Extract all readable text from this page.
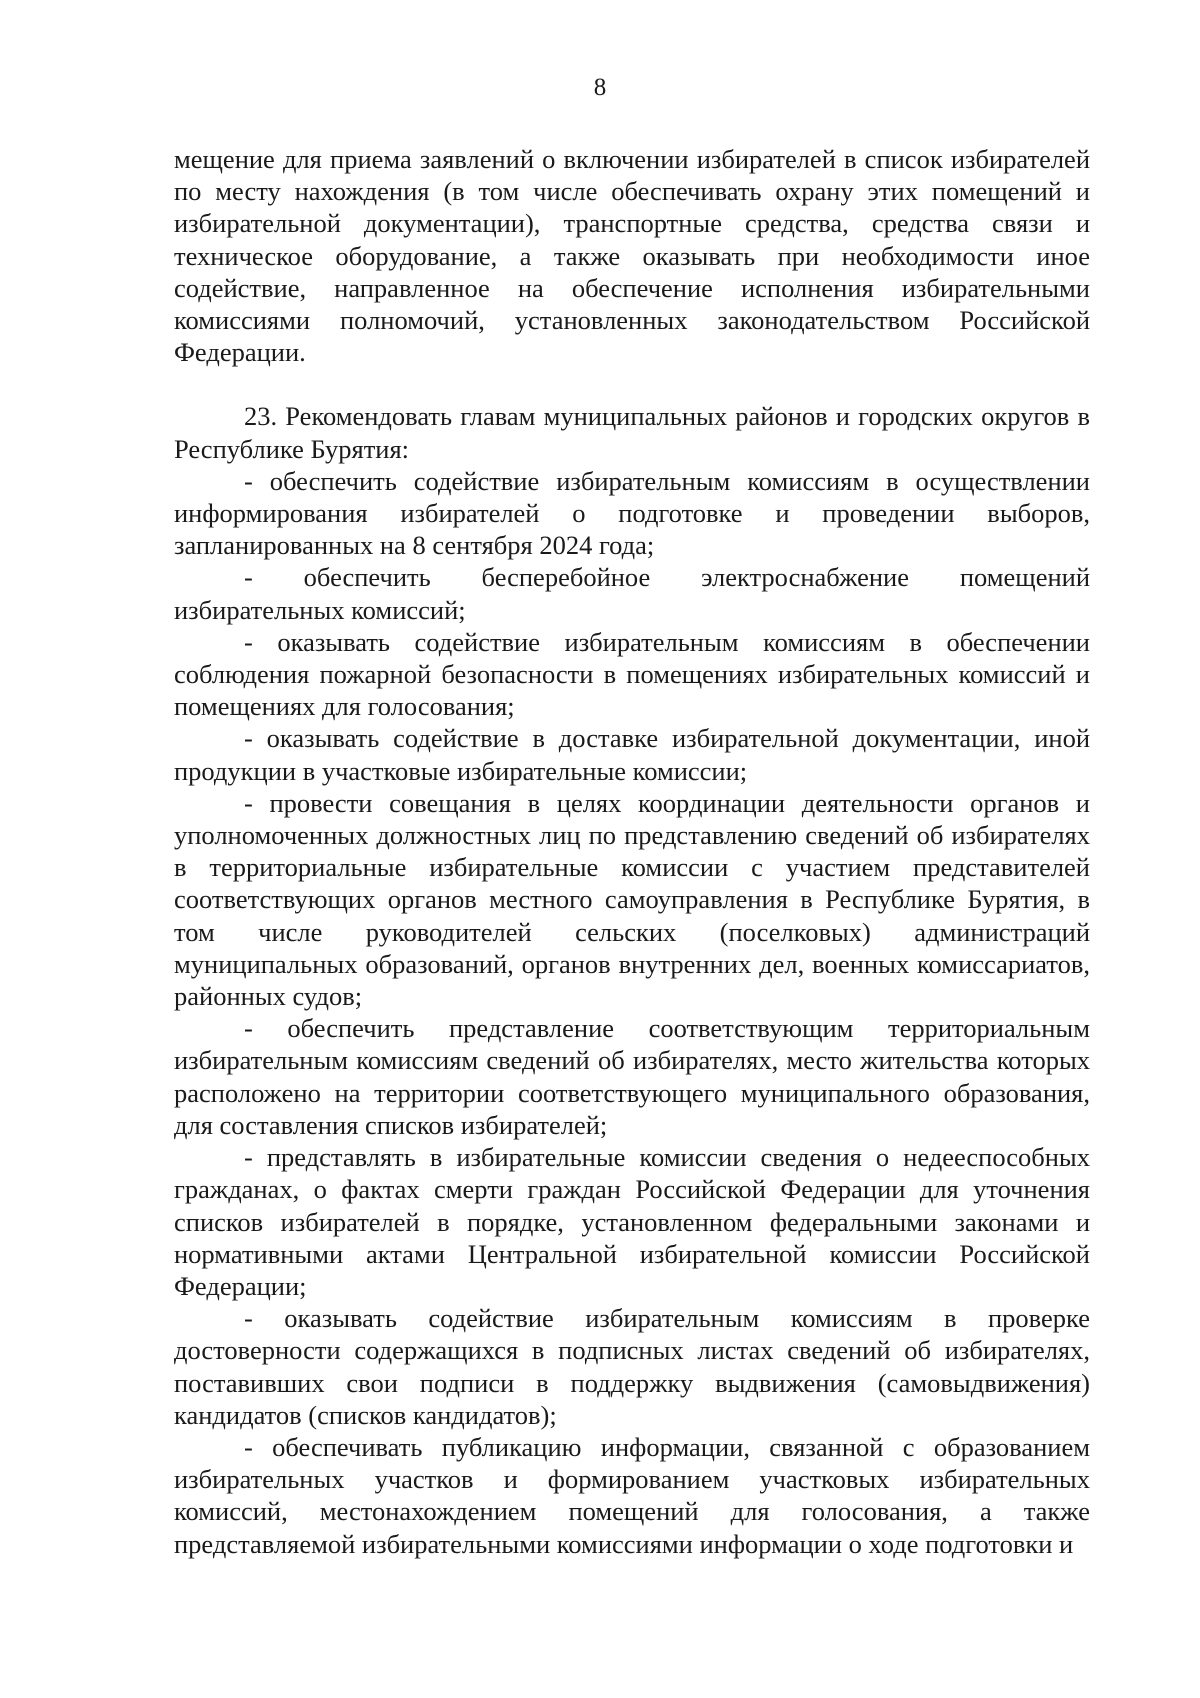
8

мещение для приема заявлений о включении избирателей в список избирателей по месту нахождения (в том числе обеспечивать охрану этих помещений и избирательной документации), транспортные средства, средства связи и техническое оборудование, а также оказывать при необходимости иное содействие, направленное на обеспечение исполнения избирательными комиссиями полномочий, установленных законодательством Российской Федерации.

23. Рекомендовать главам муниципальных районов и городских округов в Республике Бурятия:

- обеспечить содействие избирательным комиссиям в осуществлении информирования избирателей о подготовке и проведении выборов, запланированных на 8 сентября 2024 года;

- обеспечить бесперебойное электроснабжение помещений избирательных комиссий;

- оказывать содействие избирательным комиссиям в обеспечении соблюдения пожарной безопасности в помещениях избирательных комиссий и помещениях для голосования;

- оказывать содействие в доставке избирательной документации, иной продукции в участковые избирательные комиссии;

- провести совещания в целях координации деятельности органов и уполномоченных должностных лиц по представлению сведений об избирателях в территориальные избирательные комиссии с участием представителей соответствующих органов местного самоуправления в Республике Бурятия, в том числе руководителей сельских (поселковых) администраций муниципальных образований, органов внутренних дел, военных комиссариатов, районных судов;

- обеспечить представление соответствующим территориальным избирательным комиссиям сведений об избирателях, место жительства которых расположено на территории соответствующего муниципального образования, для составления списков избирателей;

- представлять в избирательные комиссии сведения о недееспособных гражданах, о фактах смерти граждан Российской Федерации для уточнения списков избирателей в порядке, установленном федеральными законами и нормативными актами Центральной избирательной комиссии Российской Федерации;

- оказывать содействие избирательным комиссиям в проверке достоверности содержащихся в подписных листах сведений об избирателях, поставивших свои подписи в поддержку выдвижения (самовыдвижения) кандидатов (списков кандидатов);

- обеспечивать публикацию информации, связанной с образованием избирательных участков и формированием участковых избирательных комиссий, местонахождением помещений для голосования, а также представляемой избирательными комиссиями информации о ходе подготовки и
